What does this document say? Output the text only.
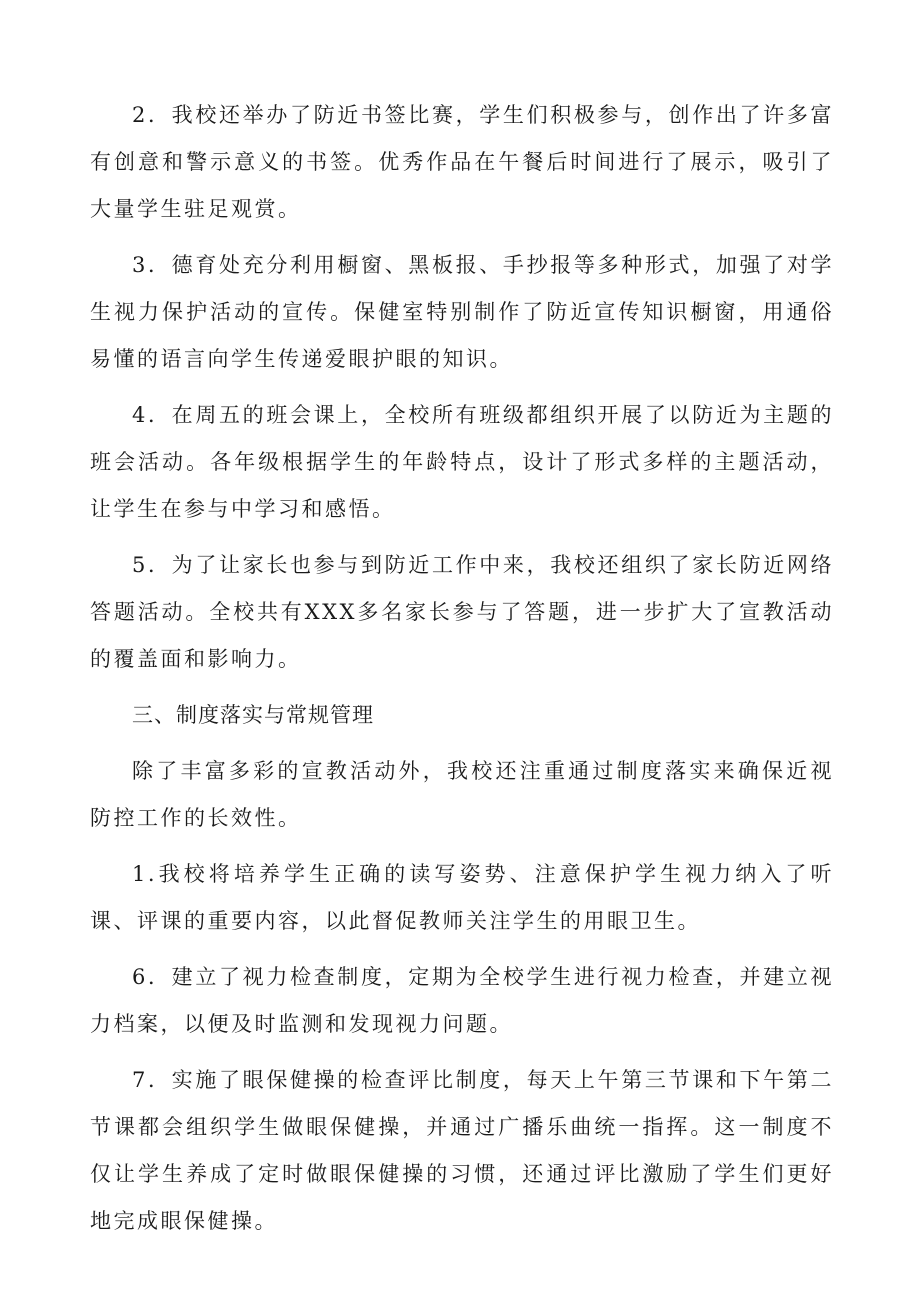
2．我校还举办了防近书签比赛，学生们积极参与，创作出了许多富有创意和警示意义的书签。优秀作品在午餐后时间进行了展示，吸引了大量学生驻足观赏。

3．德育处充分利用橱窗、黑板报、手抄报等多种形式，加强了对学生视力保护活动的宣传。保健室特别制作了防近宣传知识橱窗，用通俗易懂的语言向学生传递爱眼护眼的知识。

4．在周五的班会课上，全校所有班级都组织开展了以防近为主题的班会活动。各年级根据学生的年龄特点，设计了形式多样的主题活动，让学生在参与中学习和感悟。

5．为了让家长也参与到防近工作中来，我校还组织了家长防近网络答题活动。全校共有XXX多名家长参与了答题，进一步扩大了宣教活动的覆盖面和影响力。

三、制度落实与常规管理

除了丰富多彩的宣教活动外，我校还注重通过制度落实来确保近视防控工作的长效性。

1.我校将培养学生正确的读写姿势、注意保护学生视力纳入了听课、评课的重要内容，以此督促教师关注学生的用眼卫生。

6．建立了视力检查制度，定期为全校学生进行视力检查，并建立视力档案，以便及时监测和发现视力问题。

7．实施了眼保健操的检查评比制度，每天上午第三节课和下午第二节课都会组织学生做眼保健操，并通过广播乐曲统一指挥。这一制度不仅让学生养成了定时做眼保健操的习惯，还通过评比激励了学生们更好地完成眼保健操。
